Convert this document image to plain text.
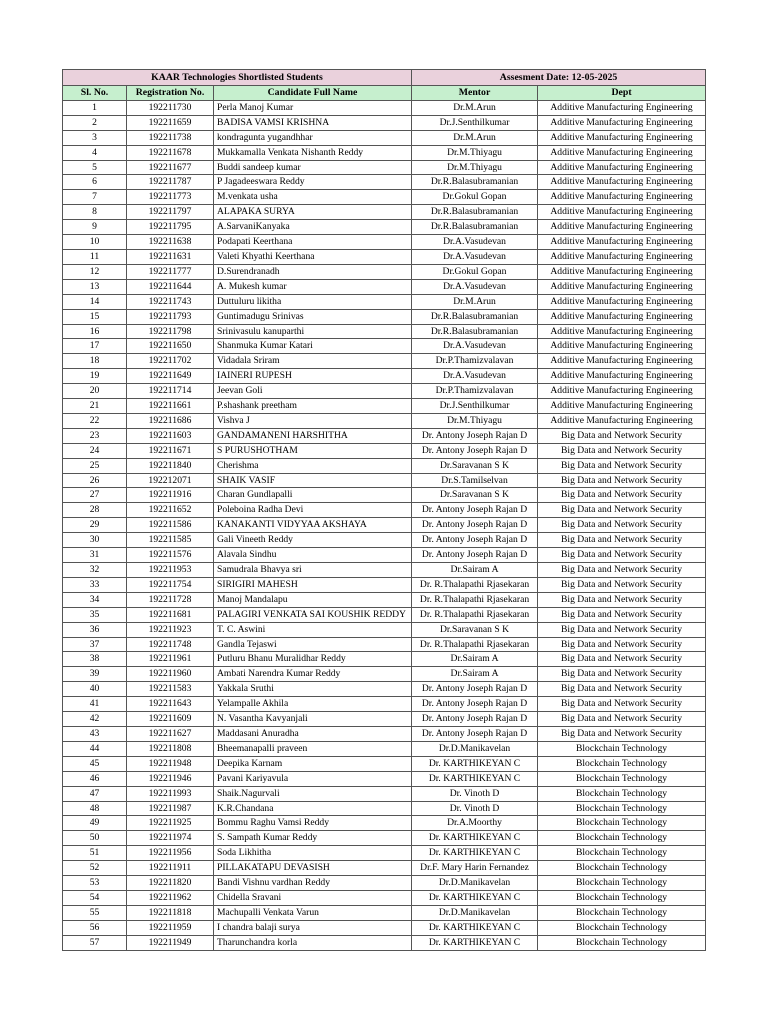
KAAR Technologies Shortlisted Students			Assesment Date: 12-05-2025	
Sl. No.	Registration No.	Candidate Full Name	Mentor	Dept
1	192211730	Perla Manoj Kumar	Dr.M.Arun	Additive Manufacturing Engineering
2	192211659	BADISA VAMSI KRISHNA	Dr.J.Senthilkumar	Additive Manufacturing Engineering
3	192211738	kondragunta yugandhhar	Dr.M.Arun	Additive Manufacturing Engineering
4	192211678	Mukkamalla Venkata Nishanth Reddy	Dr.M.Thiyagu	Additive Manufacturing Engineering
5	192211677	Buddi sandeep kumar	Dr.M.Thiyagu	Additive Manufacturing Engineering
6	192211787	P Jagadeeswara Reddy	Dr.R.Balasubramanian	Additive Manufacturing Engineering
7	192211773	M.venkata usha	Dr.Gokul Gopan	Additive Manufacturing Engineering
8	192211797	ALAPAKA SURYA	Dr.R.Balasubramanian	Additive Manufacturing Engineering
9	192211795	A.SarvaniKanyaka	Dr.R.Balasubramanian	Additive Manufacturing Engineering
10	192211638	Podapati Keerthana	Dr.A.Vasudevan	Additive Manufacturing Engineering
11	192211631	Valeti Khyathi Keerthana	Dr.A.Vasudevan	Additive Manufacturing Engineering
12	192211777	D.Surendranadh	Dr.Gokul Gopan	Additive Manufacturing Engineering
13	192211644	A. Mukesh kumar	Dr.A.Vasudevan	Additive Manufacturing Engineering
14	192211743	Duttuluru likitha	Dr.M.Arun	Additive Manufacturing Engineering
15	192211793	Guntimadugu Srinivas	Dr.R.Balasubramanian	Additive Manufacturing Engineering
16	192211798	Srinivasulu kanuparthi	Dr.R.Balasubramanian	Additive Manufacturing Engineering
17	192211650	Shanmuka Kumar Katari	Dr.A.Vasudevan	Additive Manufacturing Engineering
18	192211702	Vidadala Sriram	Dr.P.Thamizvalavan	Additive Manufacturing Engineering
19	192211649	IAINERI RUPESH	Dr.A.Vasudevan	Additive Manufacturing Engineering
20	192211714	Jeevan Goli	Dr.P.Thamizvalavan	Additive Manufacturing Engineering
21	192211661	P.shashank preetham	Dr.J.Senthilkumar	Additive Manufacturing Engineering
22	192211686	Vishva J	Dr.M.Thiyagu	Additive Manufacturing Engineering
23	192211603	GANDAMANENI HARSHITHA	Dr. Antony Joseph Rajan D	Big Data and Network Security
24	192211671	S PURUSHOTHAM	Dr. Antony Joseph Rajan D	Big Data and Network Security
25	192211840	Cherishma	Dr.Saravanan S K	Big Data and Network Security
26	192212071	SHAIK VASIF	Dr.S.Tamilselvan	Big Data and Network Security
27	192211916	Charan Gundlapalli	Dr.Saravanan S K	Big Data and Network Security
28	192211652	Poleboina Radha Devi	Dr. Antony Joseph Rajan D	Big Data and Network Security
29	192211586	KANAKANTI VIDYYAA AKSHAYA	Dr. Antony Joseph Rajan D	Big Data and Network Security
30	192211585	Gali Vineeth Reddy	Dr. Antony Joseph Rajan D	Big Data and Network Security
31	192211576	Alavala Sindhu	Dr. Antony Joseph Rajan D	Big Data and Network Security
32	192211953	Samudrala Bhavya sri	Dr.Sairam A	Big Data and Network Security
33	192211754	SIRIGIRI MAHESH	Dr. R.Thalapathi Rjasekaran	Big Data and Network Security
34	192211728	Manoj Mandalapu	Dr. R.Thalapathi Rjasekaran	Big Data and Network Security
35	192211681	PALAGIRI VENKATA SAI KOUSHIK REDDY	Dr. R.Thalapathi Rjasekaran	Big Data and Network Security
36	192211923	T. C. Aswini	Dr.Saravanan S K	Big Data and Network Security
37	192211748	Gandla Tejaswi	Dr. R.Thalapathi Rjasekaran	Big Data and Network Security
38	192211961	Putluru Bhanu Muralidhar Reddy	Dr.Sairam A	Big Data and Network Security
39	192211960	Ambati Narendra Kumar Reddy	Dr.Sairam A	Big Data and Network Security
40	192211583	Yakkala Sruthi	Dr. Antony Joseph Rajan D	Big Data and Network Security
41	192211643	Yelampalle Akhila	Dr. Antony Joseph Rajan D	Big Data and Network Security
42	192211609	N. Vasantha Kavyanjali	Dr. Antony Joseph Rajan D	Big Data and Network Security
43	192211627	Maddasani Anuradha	Dr. Antony Joseph Rajan D	Big Data and Network Security
44	192211808	Bheemanapalli praveen	Dr.D.Manikavelan	Blockchain Technology
45	192211948	Deepika Karnam	Dr. KARTHIKEYAN C	Blockchain Technology
46	192211946	Pavani Kariyavula	Dr. KARTHIKEYAN C	Blockchain Technology
47	192211993	Shaik.Nagurvali	Dr. Vinoth D	Blockchain Technology
48	192211987	K.R.Chandana	Dr. Vinoth D	Blockchain Technology
49	192211925	Bommu Raghu Vamsi Reddy	Dr.A.Moorthy	Blockchain Technology
50	192211974	S. Sampath Kumar Reddy	Dr. KARTHIKEYAN C	Blockchain Technology
51	192211956	Soda Likhitha	Dr. KARTHIKEYAN C	Blockchain Technology
52	192211911	PILLAKATAPU DEVASISH	Dr.F. Mary Harin Fernandez	Blockchain Technology
53	192211820	Bandi Vishnu vardhan Reddy	Dr.D.Manikavelan	Blockchain Technology
54	192211962	Chidella Sravani	Dr. KARTHIKEYAN C	Blockchain Technology
55	192211818	Machupalli Venkata Varun	Dr.D.Manikavelan	Blockchain Technology
56	192211959	I chandra balaji surya	Dr. KARTHIKEYAN C	Blockchain Technology
57	192211949	Tharunchandra korla	Dr. KARTHIKEYAN C	Blockchain Technology
